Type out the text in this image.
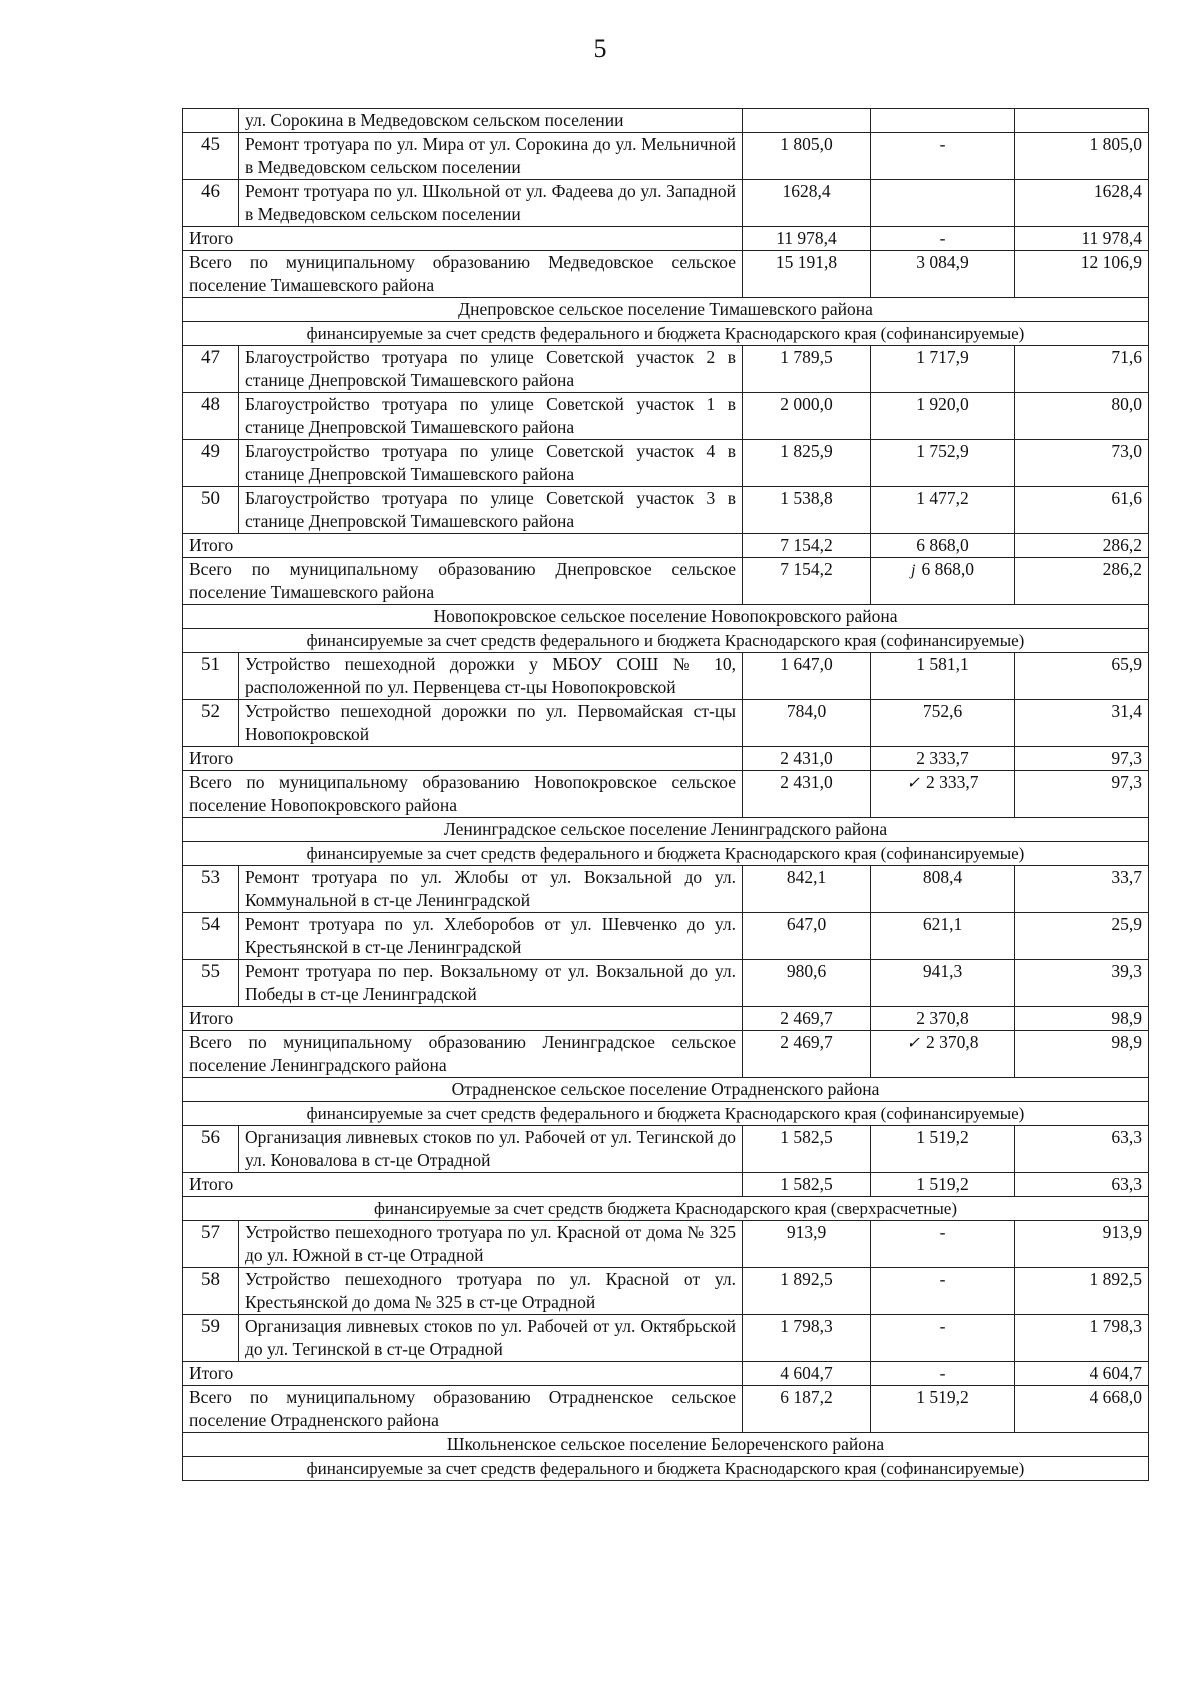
5
	ул. Сорокина в Медведовском сельском поселении			
45	Ремонт тротуара по ул. Мира от ул. Сорокина до ул. Мельничной в Медведовском сельском поселении	1 805,0	-	1 805,0
46	Ремонт тротуара по ул. Школьной от ул. Фадеева до ул. Западной в Медведовском сельском поселении	1628,4		1628,4
Итого		11 978,4	-	11 978,4
Всего по муниципальному образованию Медведовское сельское поселение Тимашевского района		15 191,8	3 084,9	12 106,9
Днепровское сельское поселение Тимашевского района				
финансируемые за счет средств федерального и бюджета Краснодарского края (софинансируемые)				
47	Благоустройство тротуара по улице Советской участок 2 в станице Днепровской Тимашевского района	1 789,5	1 717,9	71,6
48	Благоустройство тротуара по улице Советской участок 1 в станице Днепровской Тимашевского района	2 000,0	1 920,0	80,0
49	Благоустройство тротуара по улице Советской участок 4 в станице Днепровской Тимашевского района	1 825,9	1 752,9	73,0
50	Благоустройство тротуара по улице Советской участок 3 в станице Днепровской Тимашевского района	1 538,8	1 477,2	61,6
Итого		7 154,2	6 868,0	286,2
Всего по муниципальному образованию Днепровское сельское поселение Тимашевского района		7 154,2	j 6 868,0	286,2
Новопокровское сельское поселение Новопокровского района				
финансируемые за счет средств федерального и бюджета Краснодарского края (софинансируемые)				
51	Устройство пешеходной дорожки у МБОУ СОШ № 10, расположенной по ул. Первенцева ст-цы Новопокровской	1 647,0	1 581,1	65,9
52	Устройство пешеходной дорожки по ул. Первомайская ст-цы Новопокровской	784,0	752,6	31,4
Итого		2 431,0	2 333,7	97,3
Всего по муниципальному образованию Новопокровское сельское поселение Новопокровского района		2 431,0	✓ 2 333,7	97,3
Ленинградское сельское поселение Ленинградского района				
финансируемые за счет средств федерального и бюджета Краснодарского края (софинансируемые)				
53	Ремонт тротуара по ул. Жлобы от ул. Вокзальной до ул. Коммунальной в ст-це Ленинградской	842,1	808,4	33,7
54	Ремонт тротуара по ул. Хлеборобов от ул. Шевченко до ул. Крестьянской в ст-це Ленинградской	647,0	621,1	25,9
55	Ремонт тротуара по пер. Вокзальному от ул. Вокзальной до ул. Победы в ст-це Ленинградской	980,6	941,3	39,3
Итого		2 469,7	2 370,8	98,9
Всего по муниципальному образованию Ленинградское сельское поселение Ленинградского района		2 469,7	✓ 2 370,8	98,9
Отрадненское сельское поселение Отрадненского района				
финансируемые за счет средств федерального и бюджета Краснодарского края (софинансируемые)				
56	Организация ливневых стоков по ул. Рабочей от ул. Тегинской до ул. Коновалова в ст-це Отрадной	1 582,5	1 519,2	63,3
Итого		1 582,5	1 519,2	63,3
финансируемые за счет средств бюджета Краснодарского края (сверхрасчетные)				
57	Устройство пешеходного тротуара по ул. Красной от дома № 325 до ул. Южной в ст-це Отрадной	913,9	-	913,9
58	Устройство пешеходного тротуара по ул. Красной от ул. Крестьянской до дома № 325 в ст-це Отрадной	1 892,5	-	1 892,5
59	Организация ливневых стоков по ул. Рабочей от ул. Октябрьской до ул. Тегинской в ст-це Отрадной	1 798,3	-	1 798,3
Итого		4 604,7	-	4 604,7
Всего по муниципальному образованию Отрадненское сельское поселение Отрадненского района		6 187,2	1 519,2	4 668,0
Школьненское сельское поселение Белореченского района				
финансируемые за счет средств федерального и бюджета Краснодарского края (софинансируемые)				
